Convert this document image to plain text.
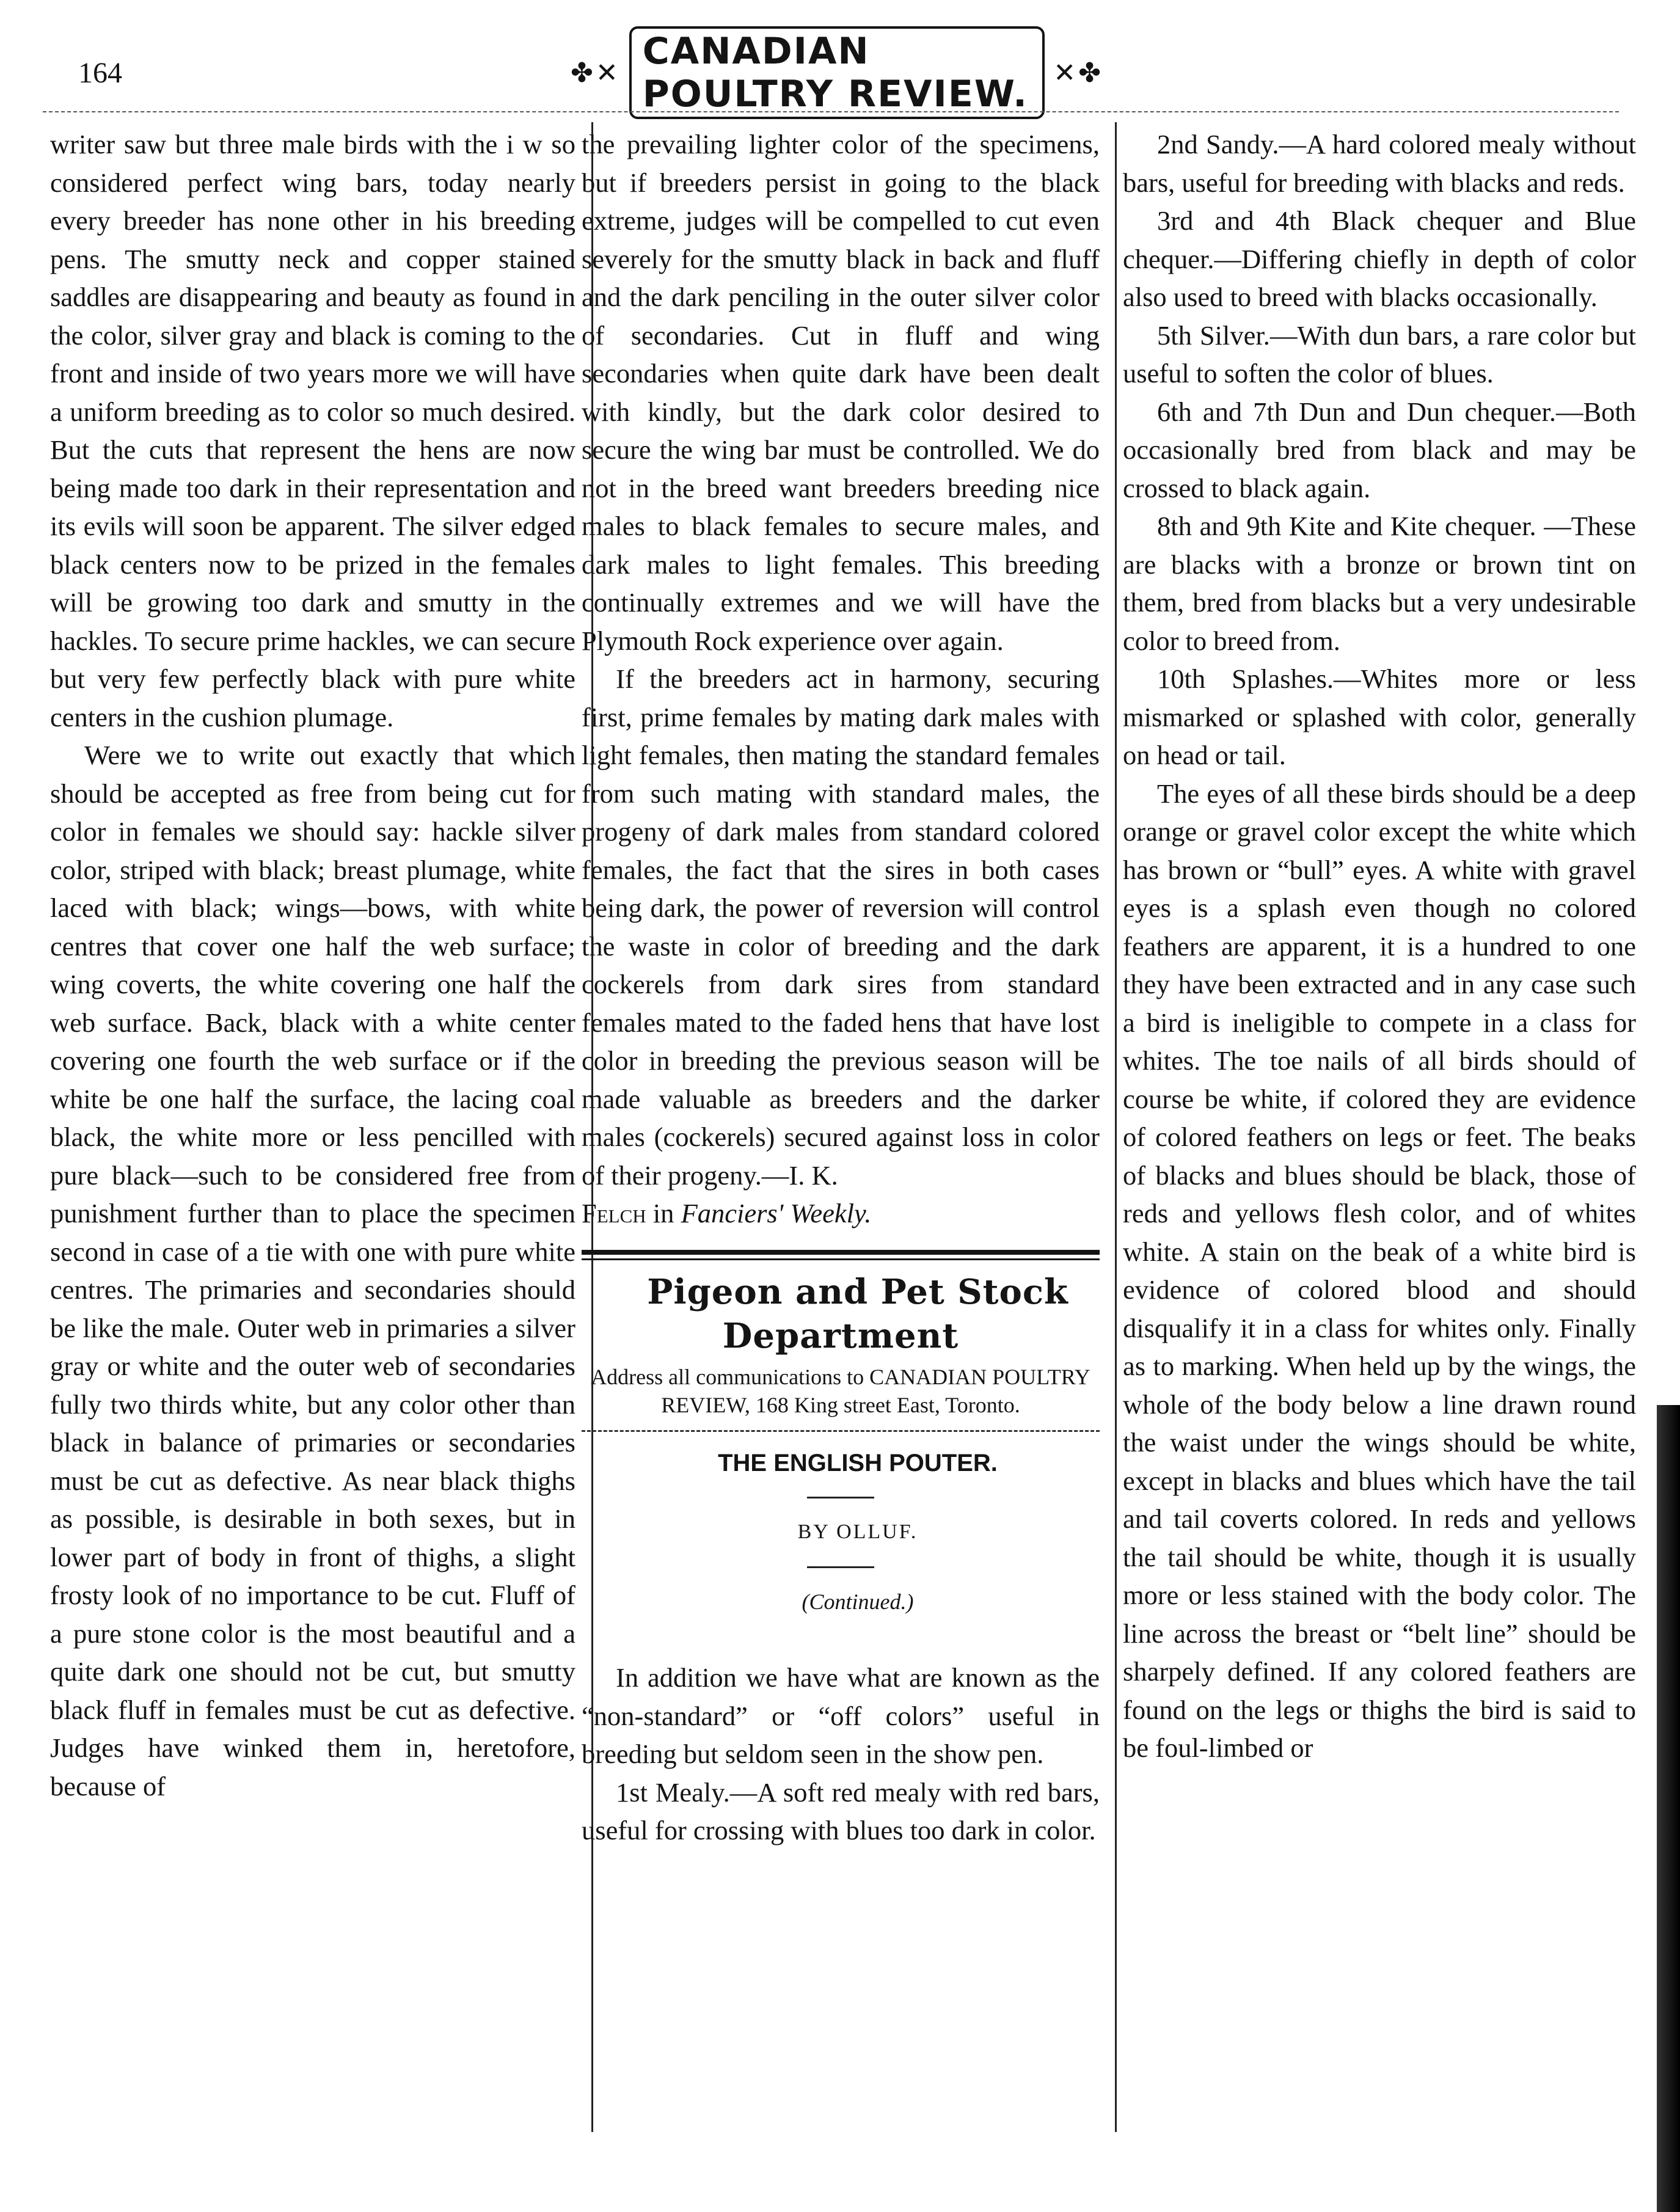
164	✤✕ CANADIAN POULTRY REVIEW. ✕✤

writer saw but three male birds with the i w so considered perfect wing bars, today nearly every breeder has none other in his breeding pens. The smutty neck and copper stained saddles are disappearing and beauty as found in the color, silver gray and black is coming to the front and inside of two years more we will have a uniform breeding as to color so much desired. But the cuts that represent the hens are now being made too dark in their representation and its evils will soon be apparent. The silver edged black centers now to be prized in the females will be growing too dark and smutty in the hackles. To secure prime hackles, we can secure but very few perfectly black with pure white centers in the cushion plumage.

Were we to write out exactly that which should be accepted as free from being cut for color in females we should say: hackle silver color, striped with black; breast plumage, white laced with black; wings—bows, with white centres that cover one half the web surface; wing coverts, the white covering one half the web surface. Back, black with a white center covering one fourth the web surface or if the white be one half the surface, the lacing coal black, the white more or less pencilled with pure black—such to be considered free from punishment further than to place the specimen second in case of a tie with one with pure white centres. The primaries and secondaries should be like the male. Outer web in primaries a silver gray or white and the outer web of secondaries fully two thirds white, but any color other than black in balance of primaries or secondaries must be cut as defective. As near black thighs as possible, is desirable in both sexes, but in lower part of body in front of thighs, a slight frosty look of no importance to be cut. Fluff of a pure stone color is the most beautiful and a quite dark one should not be cut, but smutty black fluff in females must be cut as defective. Judges have winked them in, heretofore, because of

the prevailing lighter color of the specimens, but if breeders persist in going to the black extreme, judges will be compelled to cut even severely for the smutty black in back and fluff and the dark penciling in the outer silver color of secondaries. Cut in fluff and wing secondaries when quite dark have been dealt with kindly, but the dark color desired to secure the wing bar must be controlled. We do not in the breed want breeders breeding nice males to black females to secure males, and dark males to light females. This breeding continually extremes and we will have the Plymouth Rock experience over again.

If the breeders act in harmony, securing first, prime females by mating dark males with light females, then mating the standard females from such mating with standard males, the progeny of dark males from standard colored females, the fact that the sires in both cases being dark, the power of reversion will control the waste in color of breeding and the dark cockerels from dark sires from standard females mated to the faded hens that have lost color in breeding the previous season will be made valuable as breeders and the darker males (cockerels) secured against loss in color of their progeny.—I. K.

Felch in Fanciers' Weekly.

Pigeon and Pet Stock Department

Address all communications to CANADIAN POULTRY REVIEW, 168 King street East, Toronto.

THE ENGLISH POUTER.

BY OLLUF.

(Continued.)

In addition we have what are known as the “non-standard” or “off colors” useful in breeding but seldom seen in the show pen.

1st Mealy.—A soft red mealy with red bars, useful for crossing with blues too dark in color.

2nd Sandy.—A hard colored mealy without bars, useful for breeding with blacks and reds.

3rd and 4th Black chequer and Blue chequer.—Differing chiefly in depth of color also used to breed with blacks occasionally.

5th Silver.—With dun bars, a rare color but useful to soften the color of blues.

6th and 7th Dun and Dun chequer.—Both occasionally bred from black and may be crossed to black again.

8th and 9th Kite and Kite chequer. —These are blacks with a bronze or brown tint on them, bred from blacks but a very undesirable color to breed from.

10th Splashes.—Whites more or less mismarked or splashed with color, generally on head or tail.

The eyes of all these birds should be a deep orange or gravel color except the white which has brown or “bull” eyes. A white with gravel eyes is a splash even though no colored feathers are apparent, it is a hundred to one they have been extracted and in any case such a bird is ineligible to compete in a class for whites. The toe nails of all birds should of course be white, if colored they are evidence of colored feathers on legs or feet. The beaks of blacks and blues should be black, those of reds and yellows flesh color, and of whites white. A stain on the beak of a white bird is evidence of colored blood and should disqualify it in a class for whites only. Finally as to marking. When held up by the wings, the whole of the body below a line drawn round the waist under the wings should be white, except in blacks and blues which have the tail and tail coverts colored. In reds and yellows the tail should be white, though it is usually more or less stained with the body color. The line across the breast or “belt line” should be sharpely defined. If any colored feathers are found on the legs or thighs the bird is said to be foul-limbed or
